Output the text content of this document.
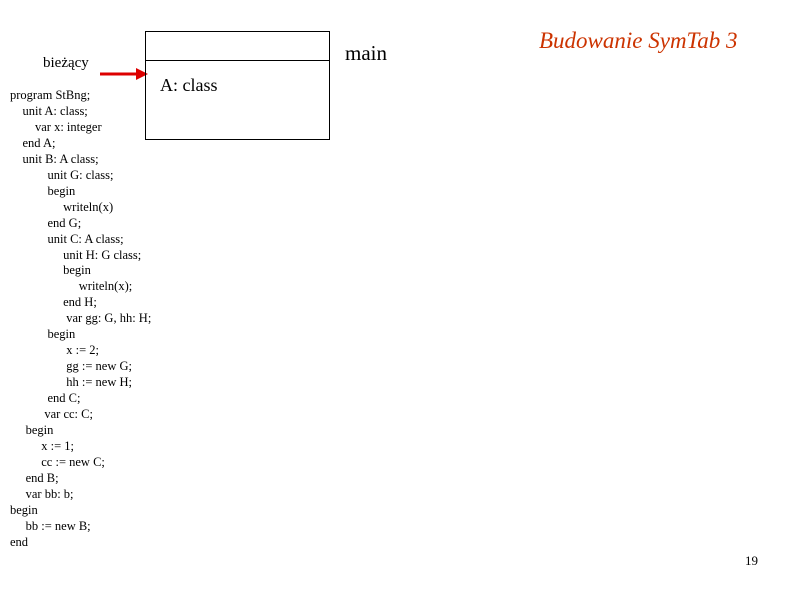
Budowanie SymTab 3
bieżący
A: class
main
program StBng;
unit A: class;
var x: integer
end A;
unit B: A class;
unit G: class;
begin
writeln(x)
end G;
unit C: A class;
unit H: G class;
begin
writeln(x);
end H;
var gg: G, hh: H;
begin
x := 2;
gg := new G;
hh := new H;
end C;
var cc: C;
begin
x := 1;
cc := new C;
end B;
var bb: b;
begin
bb := new B;
end
19
